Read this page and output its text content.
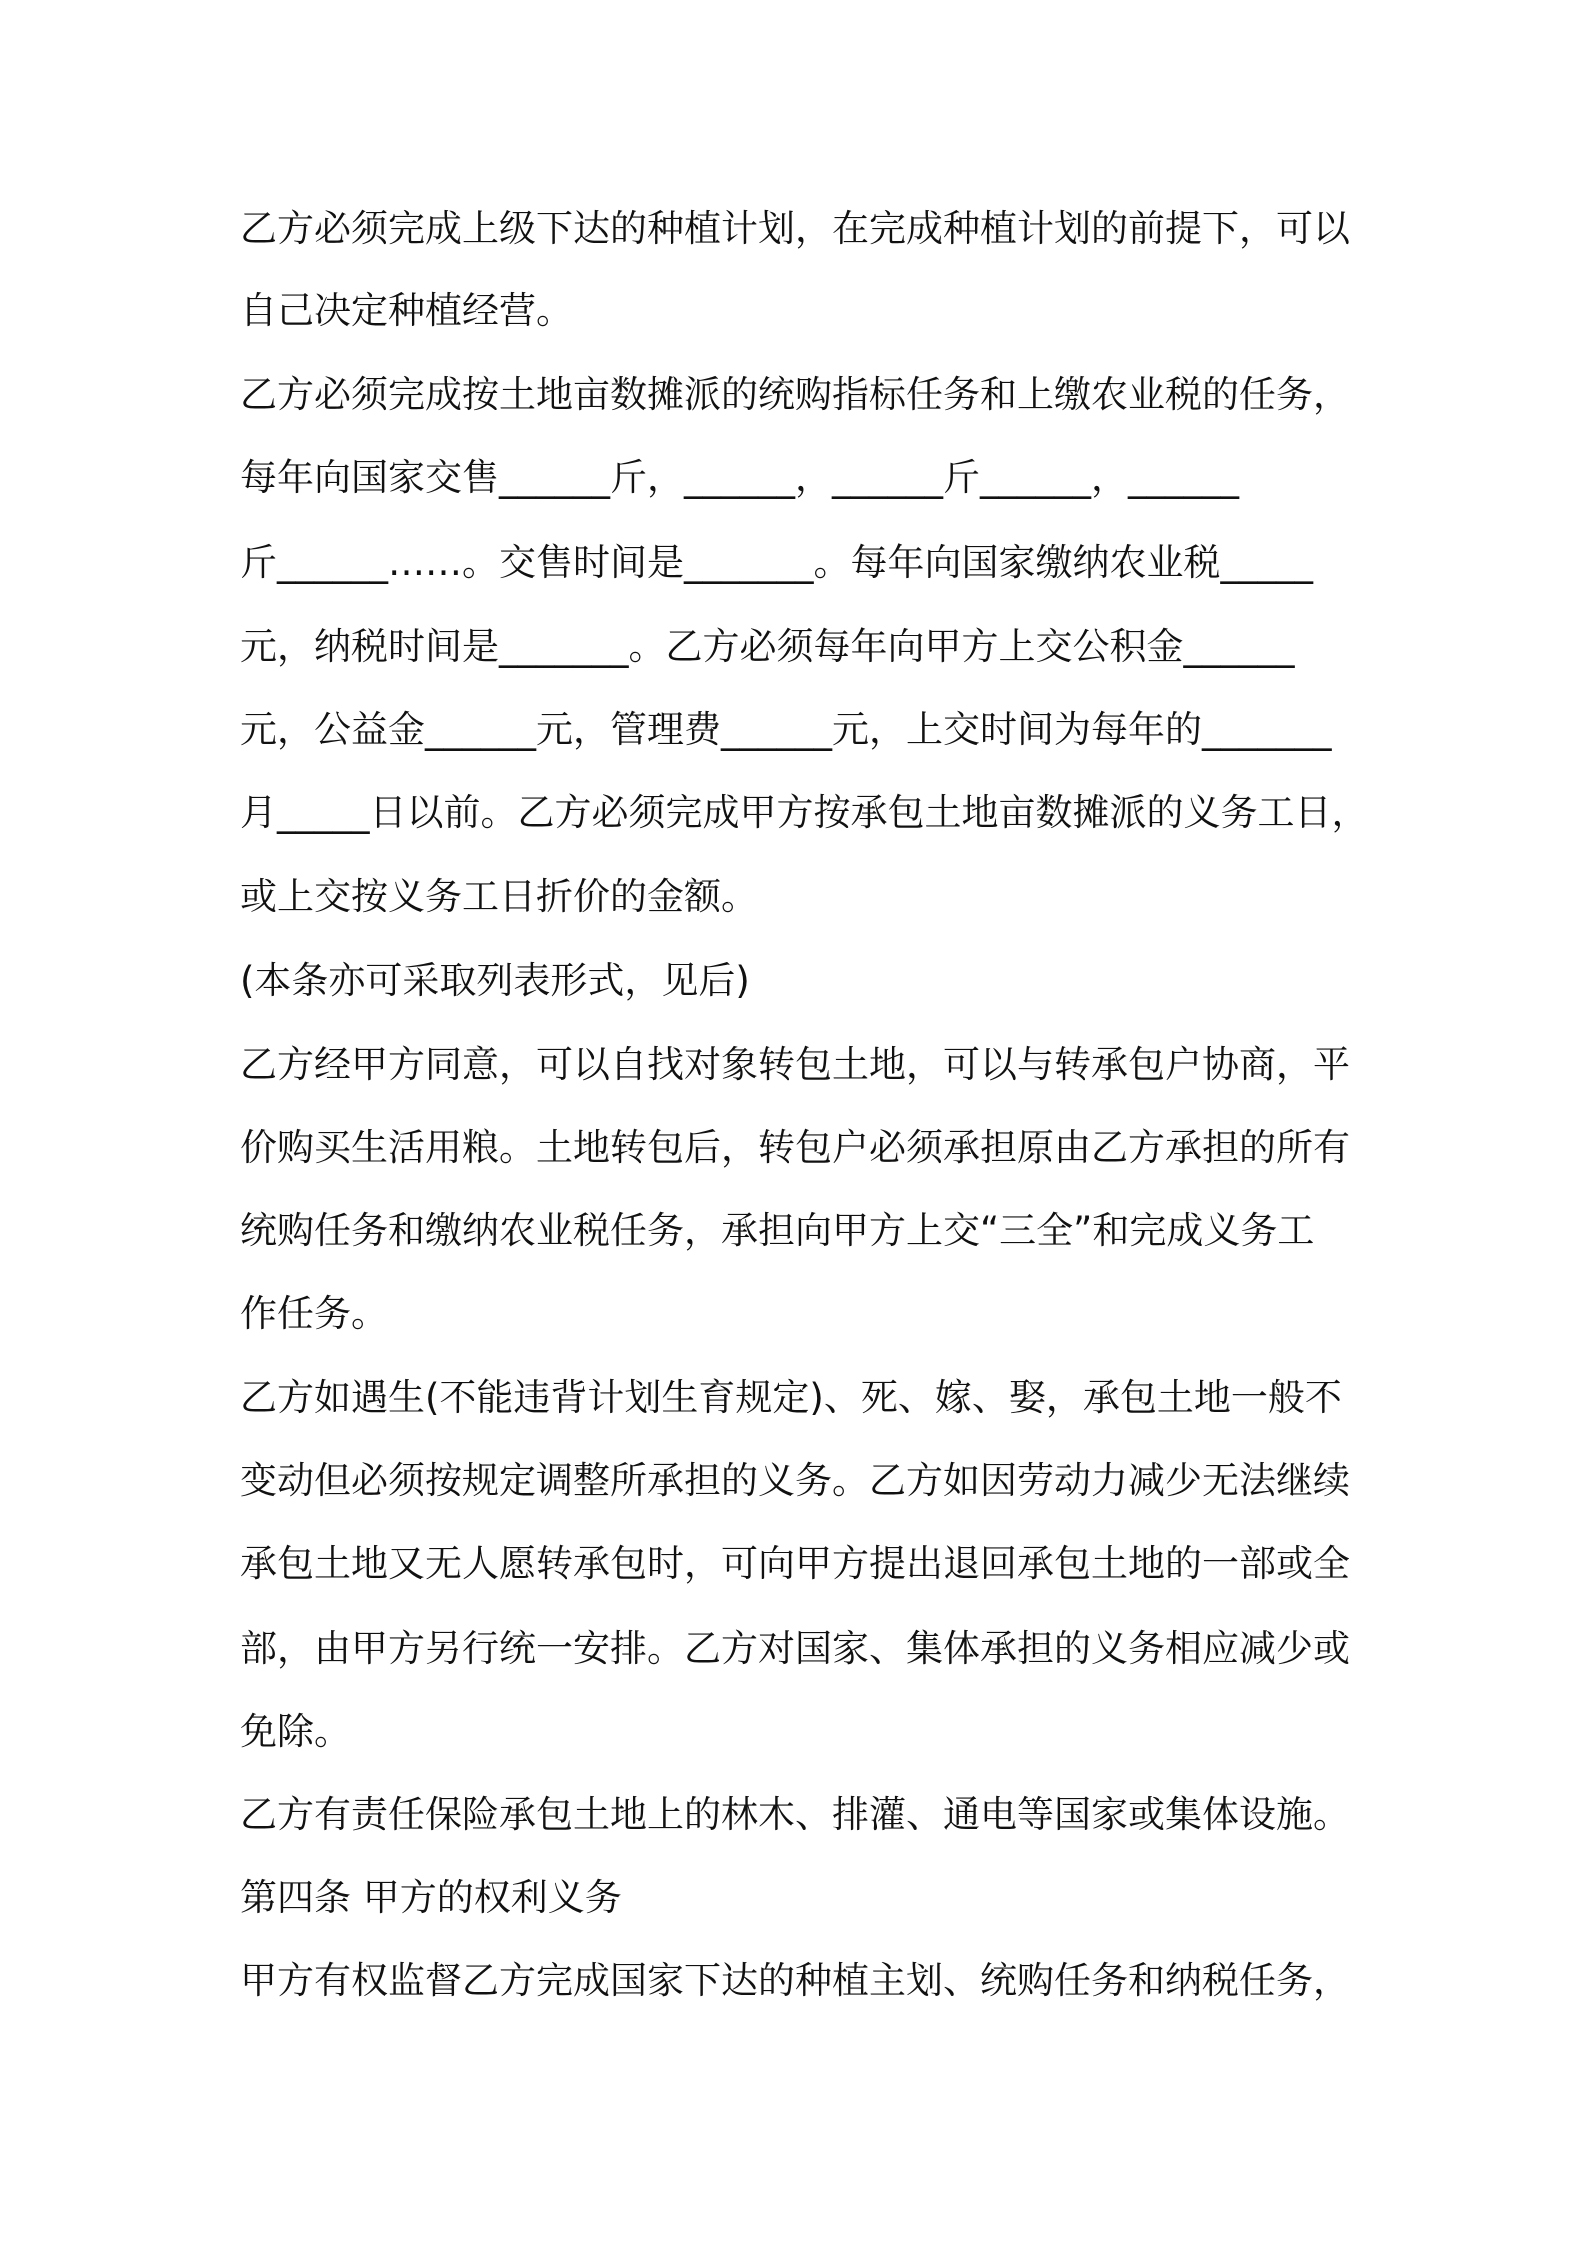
乙方必须完成上级下达的种植计划，在完成种植计划的前提下，可以
自己决定种植经营。
乙方必须完成按土地亩数摊派的统购指标任务和上缴农业税的任务，
每年向国家交售______斤，______，______斤______，______
斤______……。交售时间是_______。每年向国家缴纳农业税_____
元，纳税时间是_______。乙方必须每年向甲方上交公积金______
元，公益金______元，管理费______元，上交时间为每年的_______
月_____日以前。乙方必须完成甲方按承包土地亩数摊派的义务工日，
或上交按义务工日折价的金额。
(本条亦可采取列表形式，见后)
乙方经甲方同意，可以自找对象转包土地，可以与转承包户协商，平
价购买生活用粮。土地转包后，转包户必须承担原由乙方承担的所有
统购任务和缴纳农业税任务，承担向甲方上交“三全”和完成义务工
作任务。
乙方如遇生(不能违背计划生育规定)、死、嫁、娶，承包土地一般不
变动但必须按规定调整所承担的义务。乙方如因劳动力减少无法继续
承包土地又无人愿转承包时，可向甲方提出退回承包土地的一部或全
部，由甲方另行统一安排。乙方对国家、集体承担的义务相应减少或
免除。
乙方有责任保险承包土地上的林木、排灌、通电等国家或集体设施。
第四条 甲方的权利义务
甲方有权监督乙方完成国家下达的种植主划、统购任务和纳税任务，
